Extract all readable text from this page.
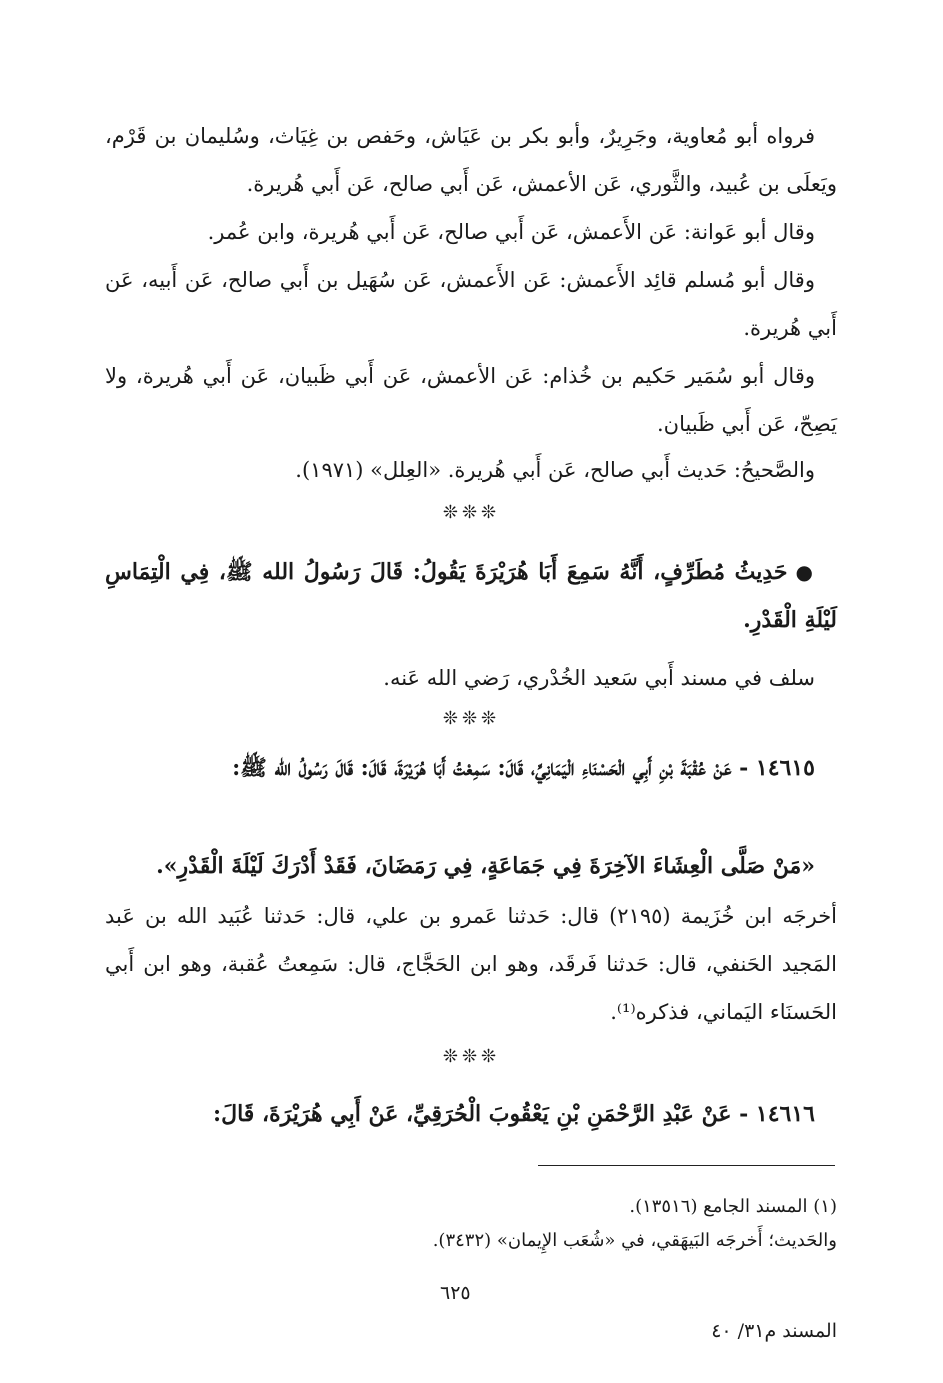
فرواه أبو مُعاوية، وجَرِيرٌ، وأبو بكر بن عَيَاش، وحَفص بن غِيَاث، وسُليمان بن قَرْم، ويَعلَى بن عُبيد، والثَّوري، عَن الأعمش، عَن أَبي صالح، عَن أَبي هُريرة.
وقال أبو عَوانة: عَن الأَعمش، عَن أَبي صالح، عَن أَبي هُريرة، وابن عُمر.
وقال أبو مُسلم قائِد الأَعمش: عَن الأَعمش، عَن سُهَيل بن أَبي صالح، عَن أَبيه، عَن أَبي هُريرة.
وقال أبو سُمَير حَكيم بن خُذام: عَن الأعمش، عَن أَبي ظَبيان، عَن أَبي هُريرة، ولا يَصِحّ، عَن أَبي ظَبيان.
والصَّحيحُ: حَديث أَبي صالح، عَن أَبي هُريرة. «العِلل» (١٩٧١).
❊❊❊
●حَدِيثُ مُطَرِّفٍ، أَنَّهُ سَمِعَ أَبَا هُرَيْرَةَ يَقُولُ: قَالَ رَسُولُ الله ﷺ، فِي الْتِمَاسِ لَيْلَةِ الْقَدْرِ.
سلف في مسند أَبي سَعيد الخُدْري، رَضي الله عَنه.
❊❊❊
١٤٦١٥ - عَنْ عُقْبَةَ بْنِ أَبِي الْحَسْنَاءِ الْيَمَانِيِّ، قَالَ: سَمِعْتُ أَبَا هُرَيْرَةَ، قَالَ: قَالَ رَسُولُ الله ﷺ:
«مَنْ صَلَّى الْعِشَاءَ الآخِرَةَ فِي جَمَاعَةٍ، فِي رَمَضَانَ، فَقَدْ أَدْرَكَ لَيْلَةَ الْقَدْرِ».
أخرجَه ابن خُزَيمة (٢١٩٥) قال: حَدثنا عَمرو بن علي، قال: حَدثنا عُبَيد الله بن عَبد المَجيد الحَنفي، قال: حَدثنا فَرقَد، وهو ابن الحَجَّاج، قال: سَمِعتُ عُقبة، وهو ابن أَبي الحَسنَاء اليَماني، فذكره⁽¹⁾.
❊❊❊
١٤٦١٦ - عَنْ عَبْدِ الرَّحْمَنِ بْنِ يَعْقُوبَ الْحُرَقِيِّ، عَنْ أَبِي هُرَيْرَةَ، قَالَ:
(١) المسند الجامع (١٣٥١٦).
والحَديث؛ أَخرجَه البَيهَقي، في «شُعَب الإِيمان» (٣٤٣٢).
٦٢٥
المسند م٣١/ ٤٠
